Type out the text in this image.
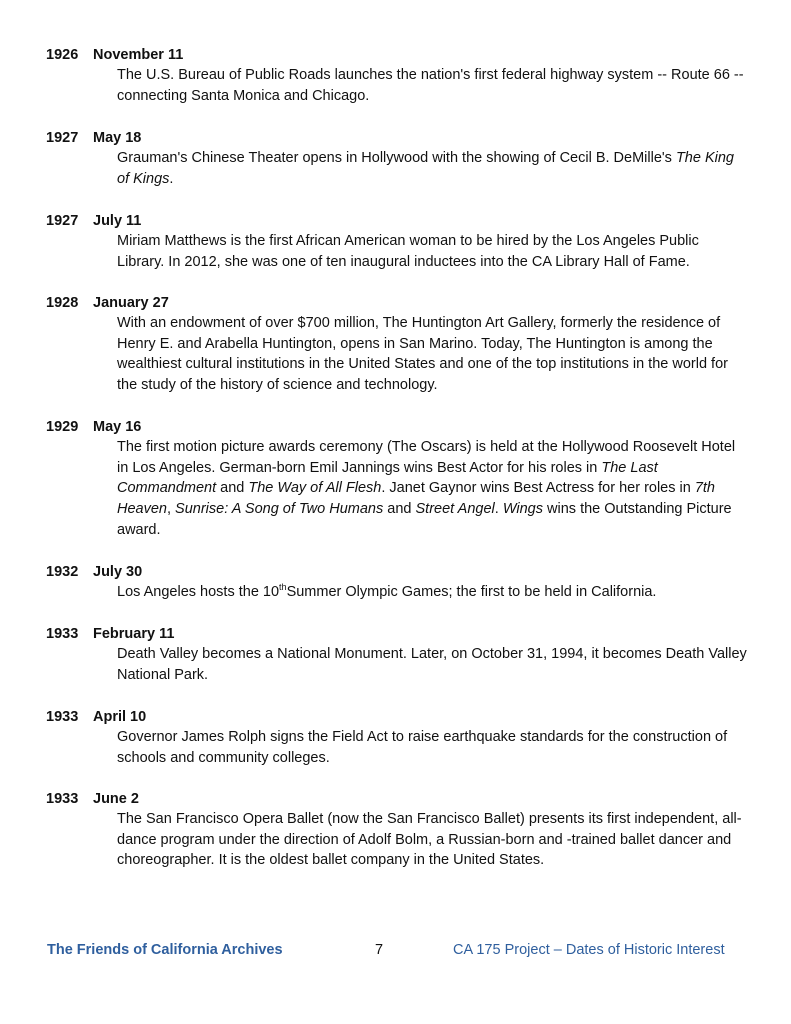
1926 November 11
The U.S. Bureau of Public Roads launches the nation's first federal highway system -- Route 66 -- connecting Santa Monica and Chicago.
1927 May 18
Grauman's Chinese Theater opens in Hollywood with the showing of Cecil B. DeMille's The King of Kings.
1927 July 11
Miriam Matthews is the first African American woman to be hired by the Los Angeles Public Library. In 2012, she was one of ten inaugural inductees into the CA Library Hall of Fame.
1928 January 27
With an endowment of over $700 million, The Huntington Art Gallery, formerly the residence of Henry E. and Arabella Huntington, opens in San Marino. Today, The Huntington is among the wealthiest cultural institutions in the United States and one of the top institutions in the world for the study of the history of science and technology.
1929 May 16
The first motion picture awards ceremony (The Oscars) is held at the Hollywood Roosevelt Hotel in Los Angeles. German-born Emil Jannings wins Best Actor for his roles in The Last Commandment and The Way of All Flesh. Janet Gaynor wins Best Actress for her roles in 7th Heaven, Sunrise: A Song of Two Humans and Street Angel. Wings wins the Outstanding Picture award.
1932 July 30
Los Angeles hosts the 10thSummer Olympic Games; the first to be held in California.
1933 February 11
Death Valley becomes a National Monument. Later, on October 31, 1994, it becomes Death Valley National Park.
1933 April 10
Governor James Rolph signs the Field Act to raise earthquake standards for the construction of schools and community colleges.
1933 June 2
The San Francisco Opera Ballet (now the San Francisco Ballet) presents its first independent, all-dance program under the direction of Adolf Bolm, a Russian-born and -trained ballet dancer and choreographer. It is the oldest ballet company in the United States.
The Friends of California Archives	7	CA 175 Project – Dates of Historic Interest
